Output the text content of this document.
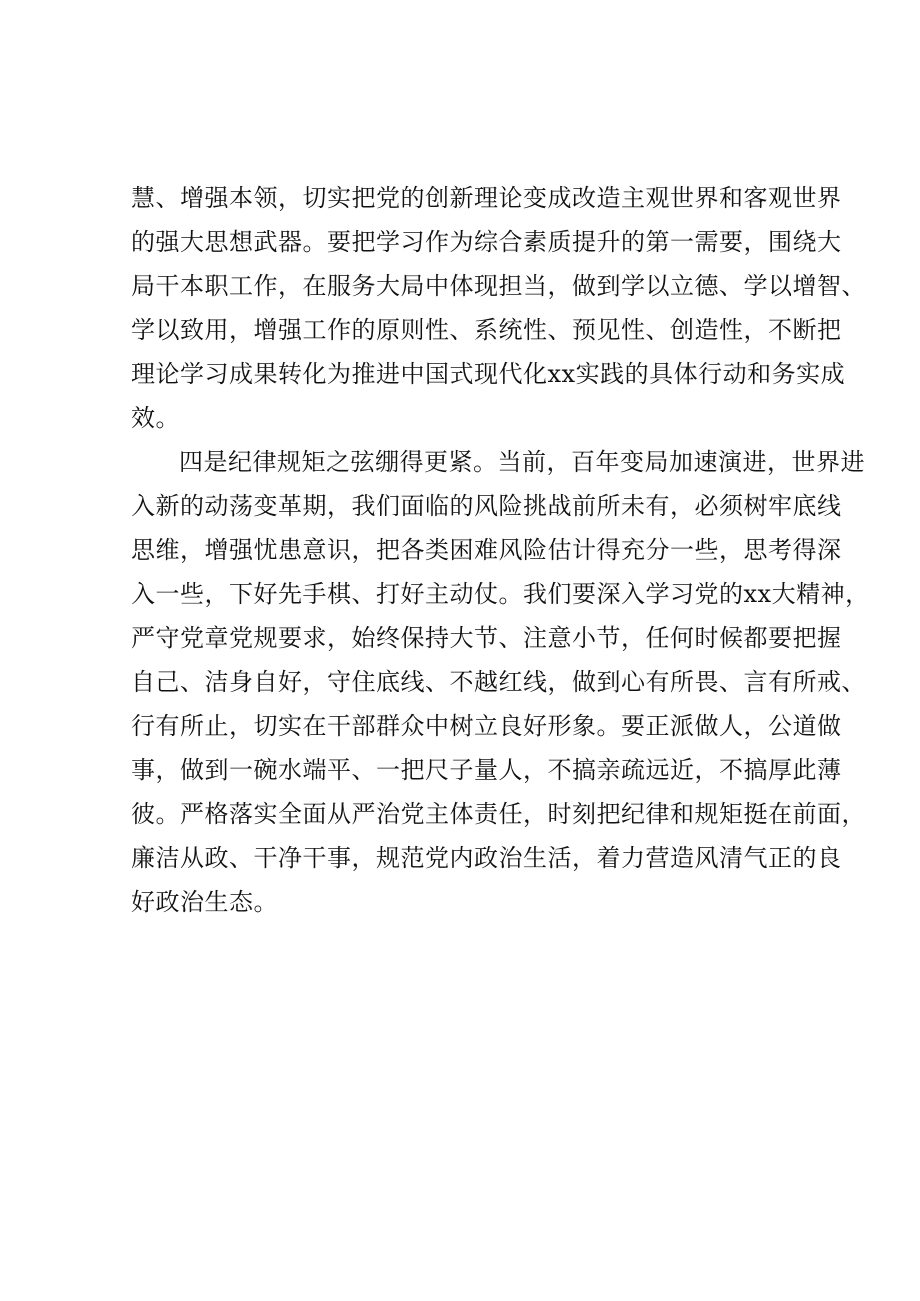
慧、增强本领，切实把党的创新理论变成改造主观世界和客观世界
的强大思想武器。要把学习作为综合素质提升的第一需要，围绕大
局干本职工作，在服务大局中体现担当，做到学以立德、学以增智、
学以致用，增强工作的原则性、系统性、预见性、创造性，不断把
理论学习成果转化为推进中国式现代化xx实践的具体行动和务实成
效。
四是纪律规矩之弦绷得更紧。当前，百年变局加速演进，世界进
入新的动荡变革期，我们面临的风险挑战前所未有，必须树牢底线
思维，增强忧患意识，把各类困难风险估计得充分一些，思考得深
入一些，下好先手棋、打好主动仗。我们要深入学习党的xx大精神，
严守党章党规要求，始终保持大节、注意小节，任何时候都要把握
自己、洁身自好，守住底线、不越红线，做到心有所畏、言有所戒、
行有所止，切实在干部群众中树立良好形象。要正派做人，公道做
事，做到一碗水端平、一把尺子量人，不搞亲疏远近，不搞厚此薄
彼。严格落实全面从严治党主体责任，时刻把纪律和规矩挺在前面，
廉洁从政、干净干事，规范党内政治生活，着力营造风清气正的良
好政治生态。
